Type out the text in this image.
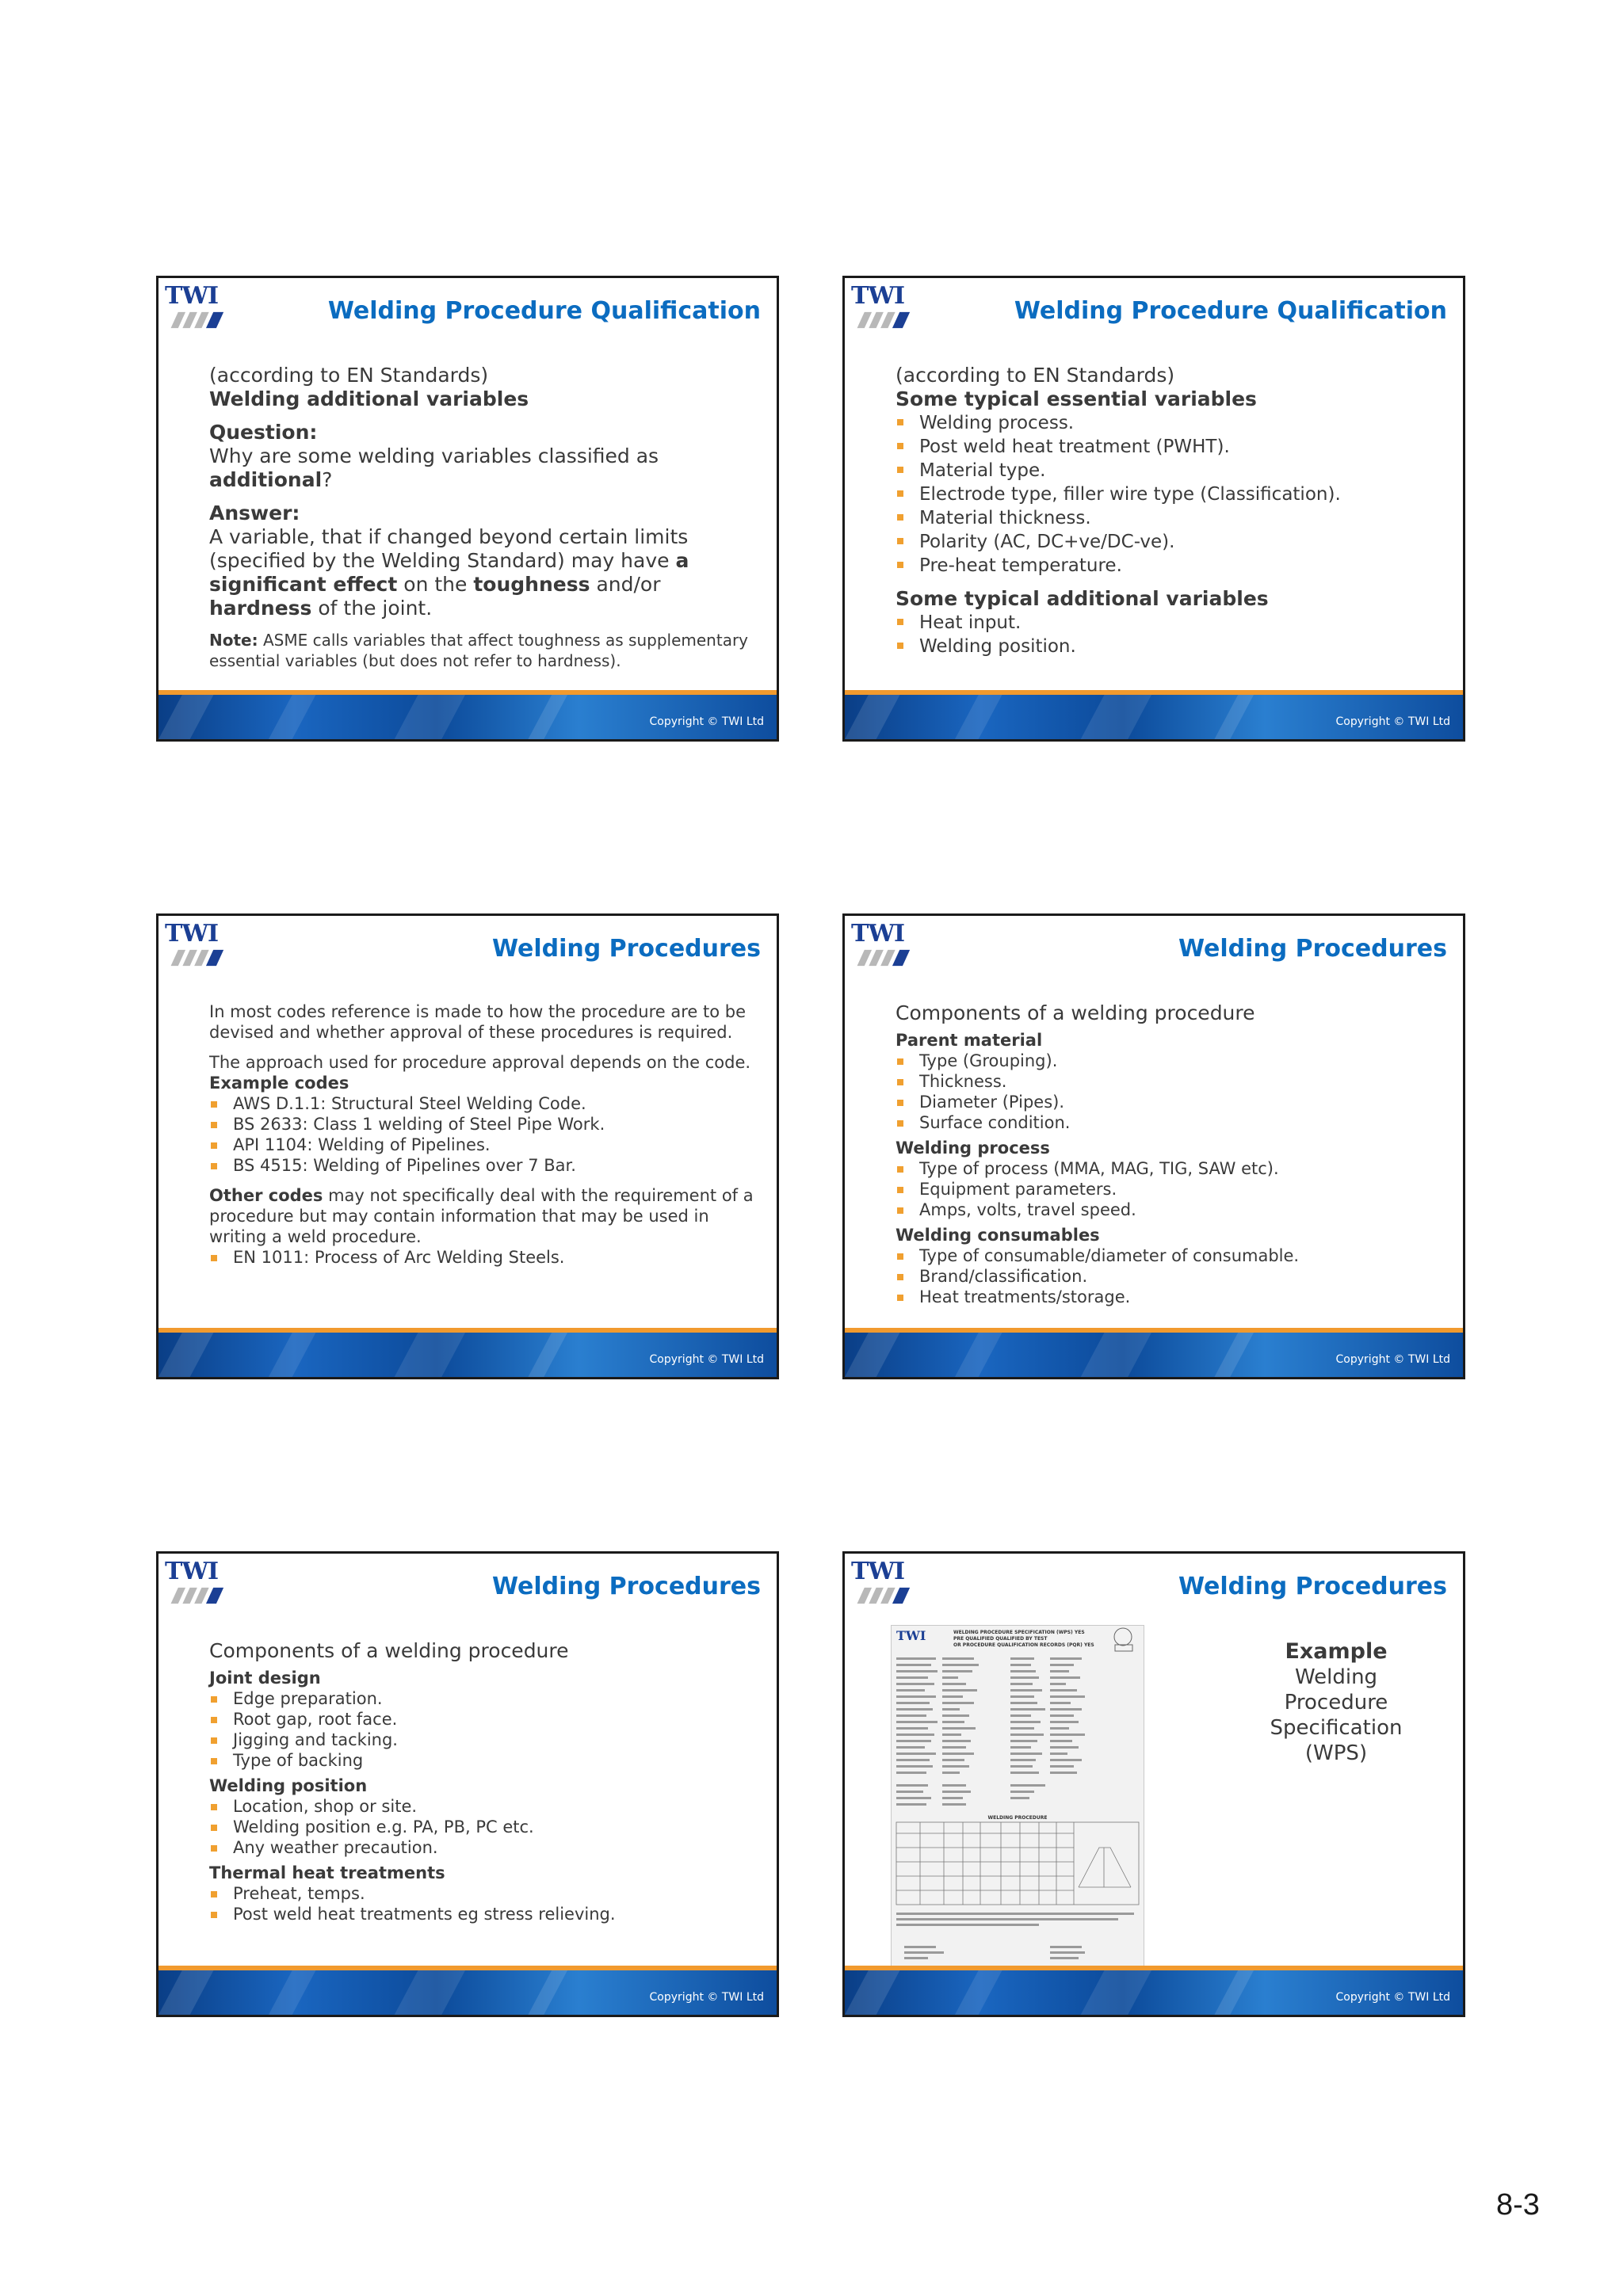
TWI
Welding Procedure Qualification

(according to EN Standards)

Welding additional variables

Question:

Why are some welding variables classified as additional?

Answer:

A variable, that if changed beyond certain limits (specified by the Welding Standard) may have a significant effect on the toughness and/or hardness of the joint.

Note: ASME calls variables that affect toughness as supplementary essential variables (but does not refer to hardness).

Copyright © TWI Ltd
TWI
Welding Procedure Qualification

(according to EN Standards)

Some typical essential variables

Welding process.
Post weld heat treatment (PWHT).
Material type.
Electrode type, filler wire type (Classification).
Material thickness.
Polarity (AC, DC+ve/DC-ve).
Pre-heat temperature.

Some typical additional variables

Heat input.
Welding position.
Copyright © TWI Ltd
TWI
Welding Procedures

In most codes reference is made to how the procedure are to be devised and whether approval of these procedures is required.

The approach used for procedure approval depends on the code.

Example codes

AWS D.1.1: Structural Steel Welding Code.
BS 2633: Class 1 welding of Steel Pipe Work.
API 1104: Welding of Pipelines.
BS 4515: Welding of Pipelines over 7 Bar.

Other codes may not specifically deal with the requirement of a procedure but may contain information that may be used in writing a weld procedure.

EN 1011: Process of Arc Welding Steels.
Copyright © TWI Ltd
TWI
Welding Procedures

Components of a welding procedure

Parent material

Type (Grouping).
Thickness.
Diameter (Pipes).
Surface condition.

Welding process

Type of process (MMA, MAG, TIG, SAW etc).
Equipment parameters.
Amps, volts, travel speed.

Welding consumables

Type of consumable/diameter of consumable.
Brand/classification.
Heat treatments/storage.
Copyright © TWI Ltd
TWI
Welding Procedures

Components of a welding procedure

Joint design

Edge preparation.
Root gap, root face.
Jigging and tacking.
Type of backing

Welding position

Location, shop or site.
Welding position e.g. PA, PB, PC etc.
Any weather precaution.

Thermal heat treatments

Preheat, temps.
Post weld heat treatments eg stress relieving.
Copyright © TWI Ltd
TWI
Welding Procedures
TWI	WELDING PROCEDURE SPECIFICATION (WPS) YES
PRE QUALIFIED QUALIFIED BY TEST
OR PROCEDURE QUALIFICATION RECORDS (PQR) YES
WELDING PROCEDURE

Example

Welding

Procedure

Specification

(WPS)

Copyright © TWI Ltd
8-3
